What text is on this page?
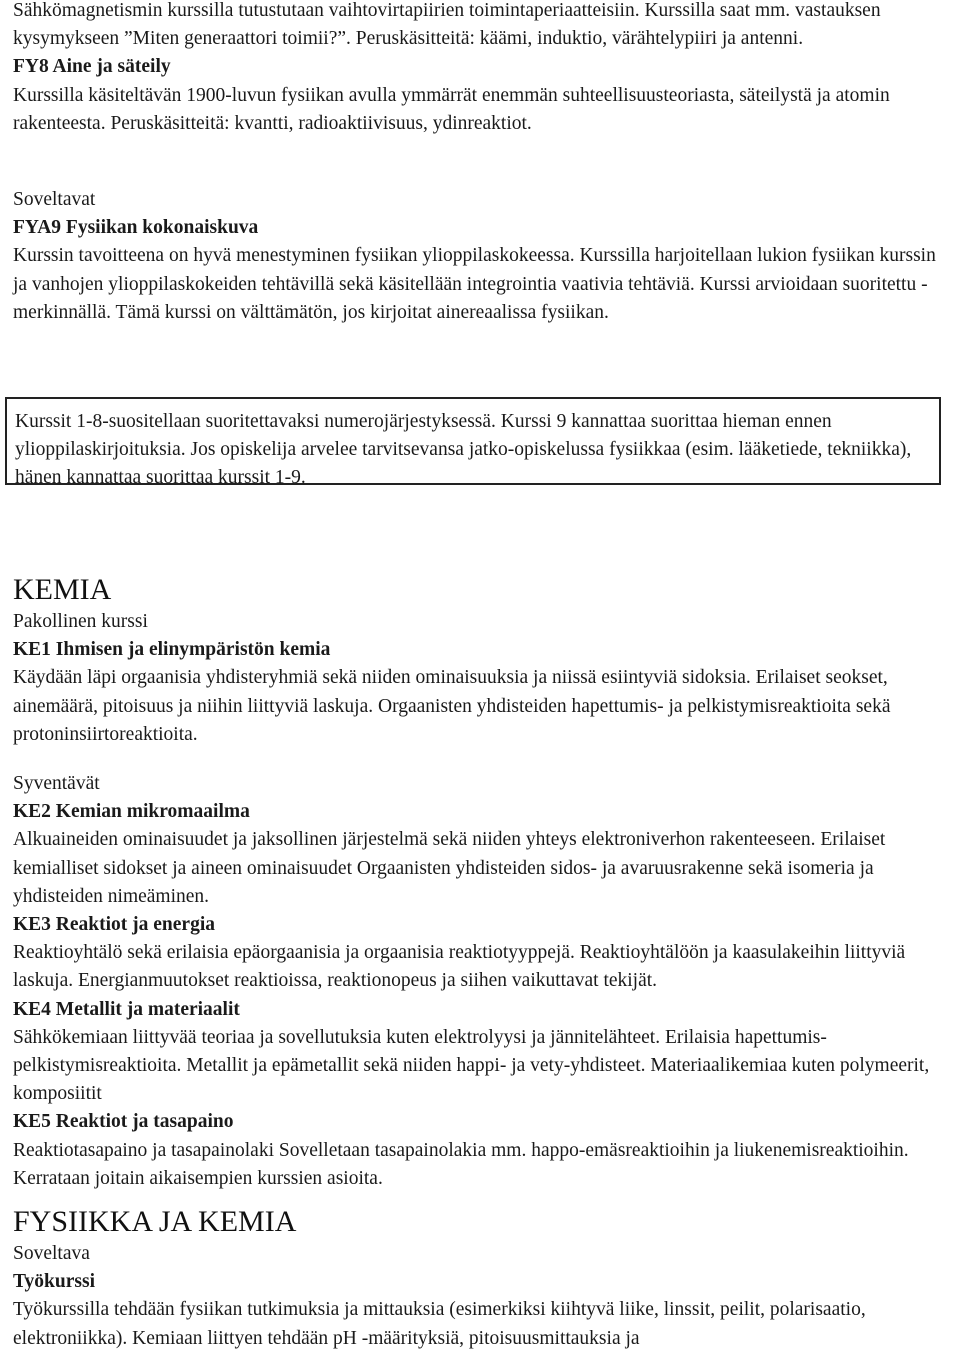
Sähkömagnetismin kurssilla tutustutaan vaihtovirtapiirien toimintaperiaatteisiin. Kurssilla saat mm. vastauksen kysymykseen ”Miten generaattori toimii?”. Peruskäsitteitä: käämi, induktio, värähtelypiiri ja antenni.

FY8 Aine ja säteily

Kurssilla käsiteltävän 1900-luvun fysiikan avulla ymmärrät enemmän suhteellisuusteoriasta, säteilystä ja atomin rakenteesta. Peruskäsitteitä: kvantti, radioaktiivisuus, ydinreaktiot.

Soveltavat

FYA9 Fysiikan kokonaiskuva

Kurssin tavoitteena on hyvä menestyminen fysiikan ylioppilaskokeessa. Kurssilla harjoitellaan lukion fysiikan kurssin ja vanhojen ylioppilaskokeiden tehtävillä sekä käsitellään integrointia vaativia tehtäviä. Kurssi arvioidaan suoritettu -merkinnällä. Tämä kurssi on välttämätön, jos kirjoitat ainereaalissa fysiikan.

Kurssit 1-8-suositellaan suoritettavaksi numerojärjestyksessä. Kurssi 9 kannattaa suorittaa hieman ennen ylioppilaskirjoituksia. Jos opiskelija arvelee tarvitsevansa jatko-opiskelussa fysiikkaa (esim. lääketiede, tekniikka), hänen kannattaa suorittaa kurssit 1-9.

KEMIA

Pakollinen kurssi

KE1 Ihmisen ja elinympäristön kemia

Käydään läpi orgaanisia yhdisteryhmiä sekä niiden ominaisuuksia ja niissä esiintyviä sidoksia. Erilaiset seokset, ainemäärä, pitoisuus ja niihin liittyviä laskuja. Orgaanisten yhdisteiden hapettumis- ja pelkistymisreaktioita sekä protoninsiirtoreaktioita.

Syventävät

KE2 Kemian mikromaailma

Alkuaineiden ominaisuudet ja jaksollinen järjestelmä sekä niiden yhteys elektroniverhon rakenteeseen. Erilaiset kemialliset sidokset ja aineen ominaisuudet Orgaanisten yhdisteiden sidos- ja avaruusrakenne sekä isomeria ja yhdisteiden nimeäminen.

KE3 Reaktiot ja energia

Reaktioyhtälö sekä erilaisia epäorgaanisia ja orgaanisia reaktiotyyppejä. Reaktioyhtälöön ja kaasulakeihin liittyviä laskuja. Energianmuutokset reaktioissa, reaktionopeus ja siihen vaikuttavat tekijät.

KE4 Metallit ja materiaalit

Sähkökemiaan liittyvää teoriaa ja sovellutuksia kuten elektrolyysi ja jännitelähteet. Erilaisia hapettumis-pelkistymisreaktioita. Metallit ja epämetallit sekä niiden happi- ja vety-yhdisteet. Materiaalikemiaa kuten polymeerit, komposiitit

KE5 Reaktiot ja tasapaino

Reaktiotasapaino ja tasapainolaki Sovelletaan tasapainolakia mm. happo-emäsreaktioihin ja liukenemisreaktioihin. Kerrataan joitain aikaisempien kurssien asioita.

FYSIIKKA JA KEMIA

Soveltava

Työkurssi

Työkurssilla tehdään fysiikan tutkimuksia ja mittauksia (esimerkiksi kiihtyvä liike, linssit, peilit, polarisaatio, elektroniikka). Kemiaan liittyen tehdään pH -määrityksiä, pitoisuusmittauksia ja
